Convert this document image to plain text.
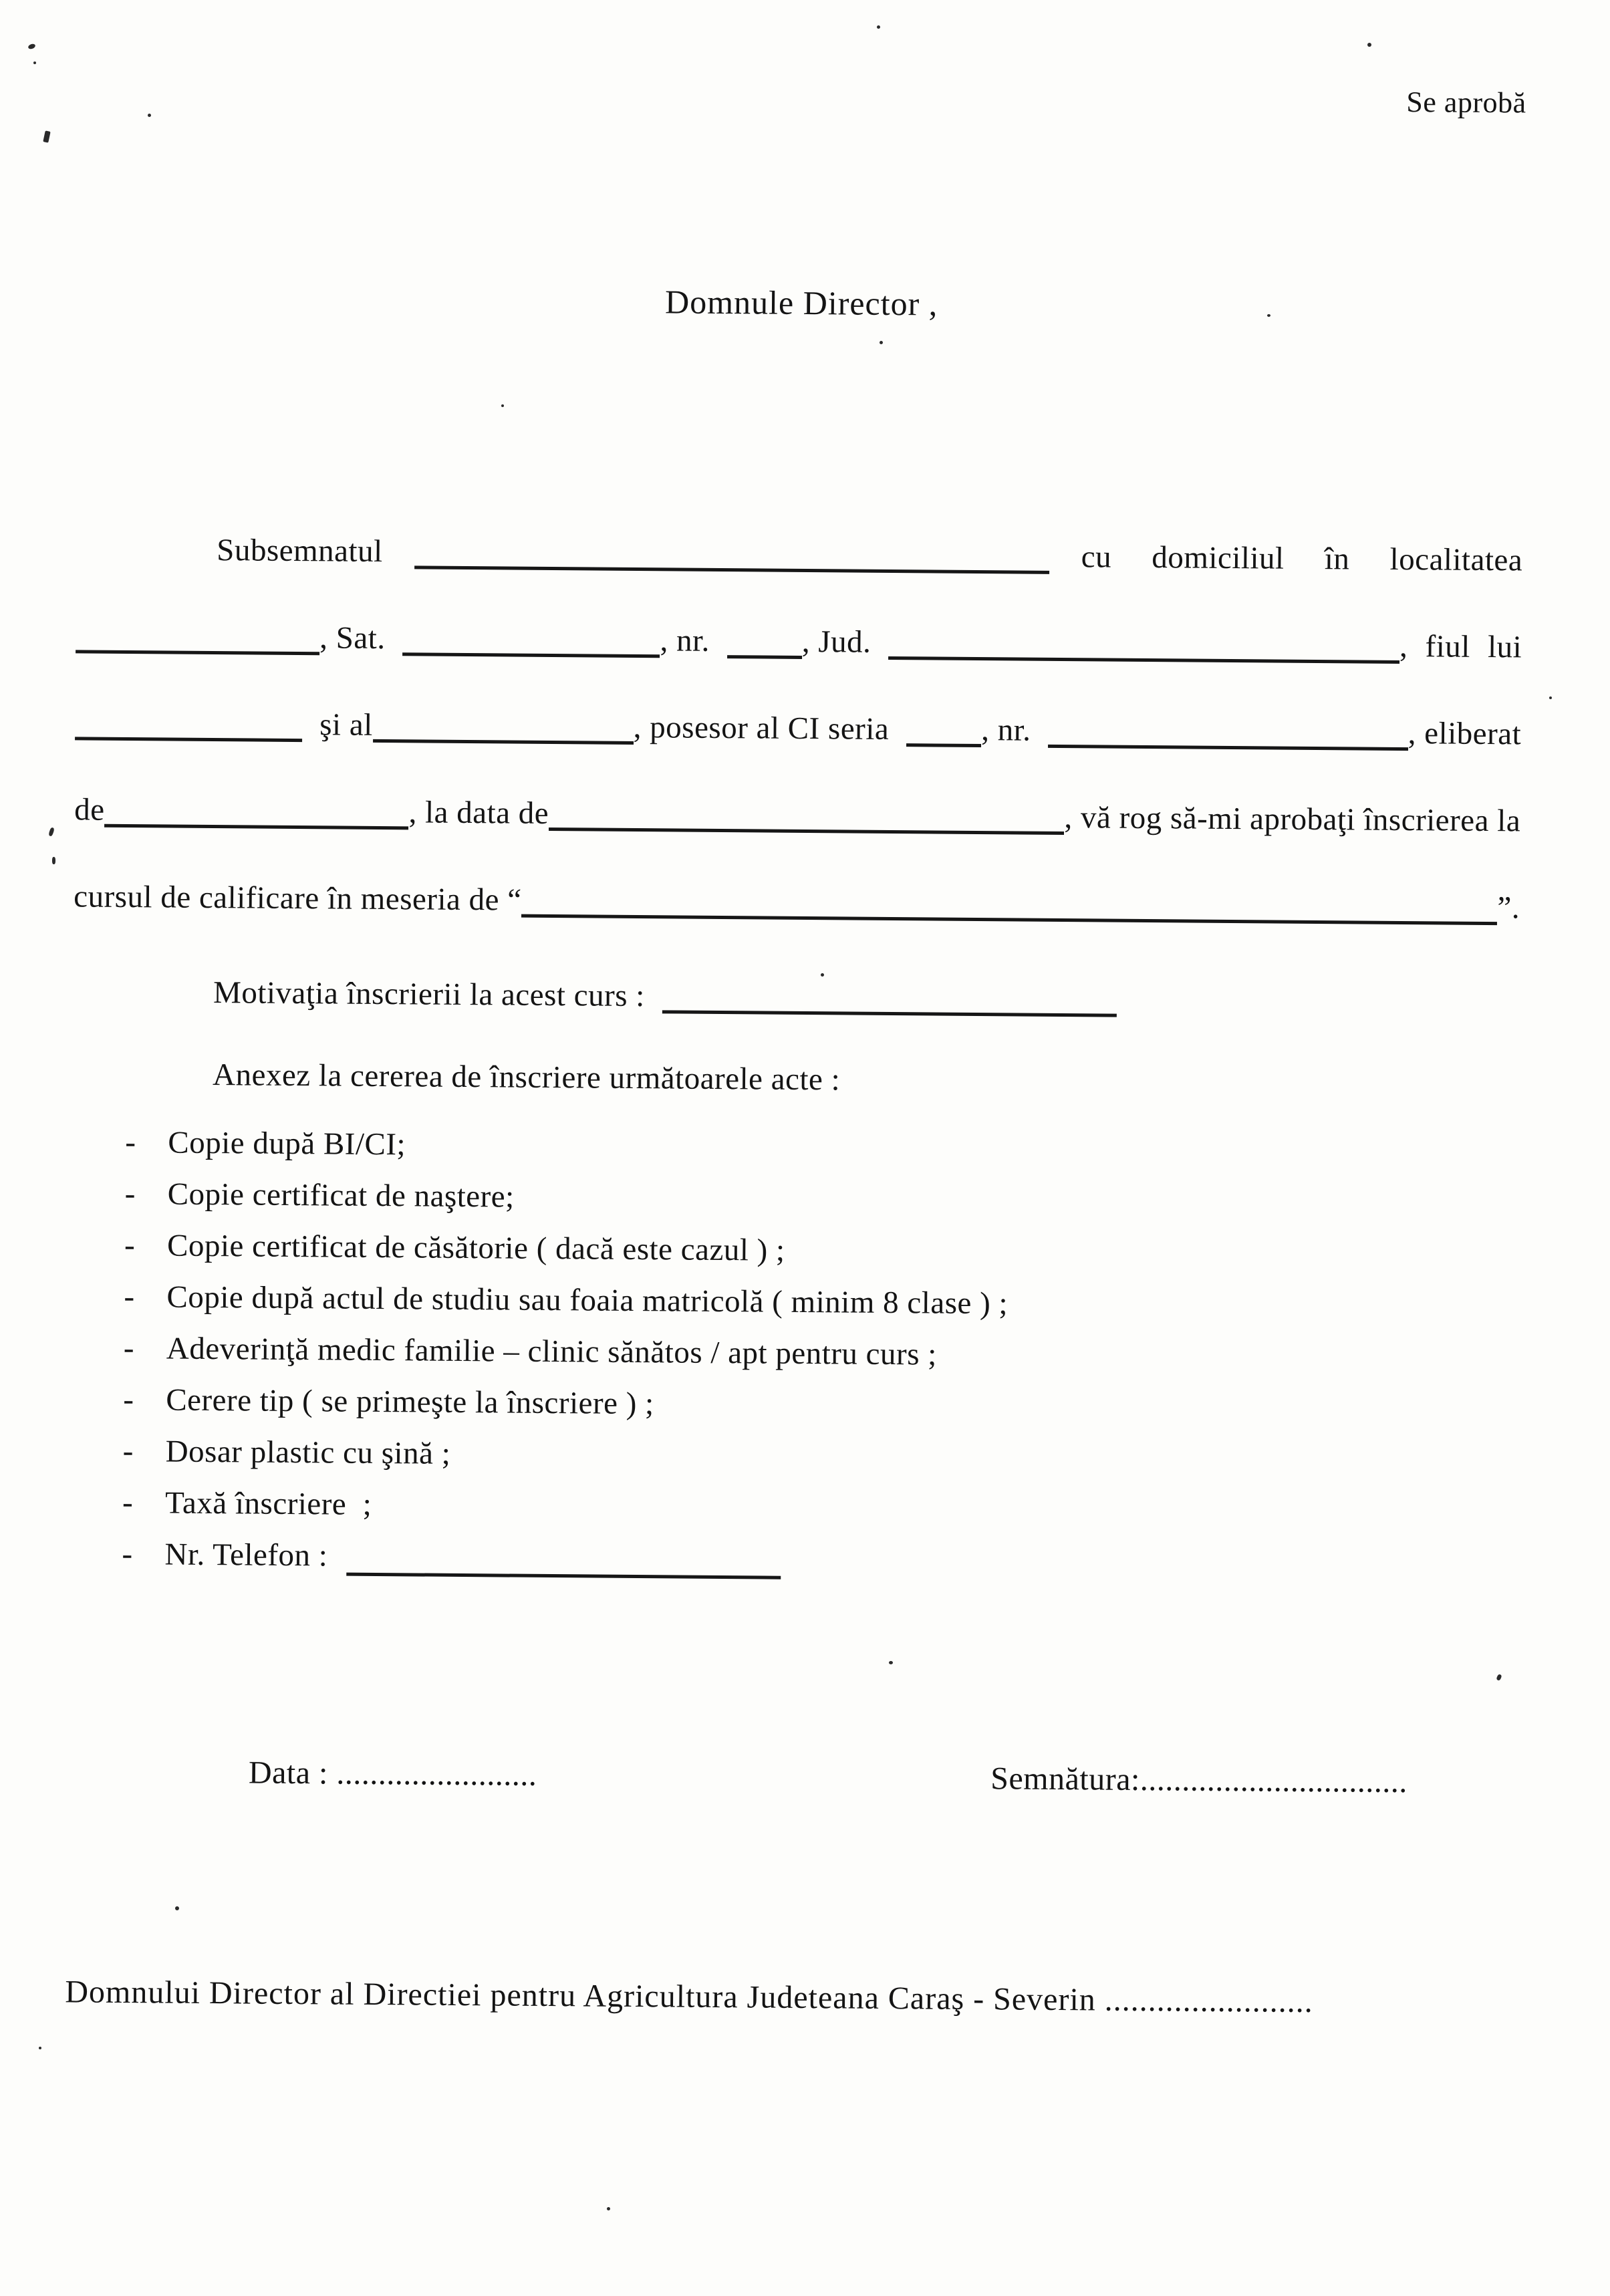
Se aprobă
Domnule Director ,
Subsemnatul	cu domiciliul în localitatea
, Sat.	, nr.	, Jud.	, fiul lui
şi al	, posesor al CI seria	, nr.	, eliberat
de	, la data de	, vă rog să-mi aprobaţi înscrierea la
cursul de calificare în meseria de “	”.
Motivaţia înscrierii la acest curs :
Anexez la cererea de înscriere următoarele acte :
-	Copie după BI/CI;
-	Copie certificat de naştere;
-	Copie certificat de căsătorie ( dacă este cazul ) ;
-	Copie după actul de studiu sau foaia matricolă ( minim 8 clase ) ;
-	Adeverinţă medic familie – clinic sănătos / apt pentru curs ;
-	Cerere tip ( se primeşte la înscriere ) ;
-	Dosar plastic cu şină ;
-	Taxă înscriere  ;
-	Nr. Telefon :
Data : ........................	Semnătura:................................
Domnului Director al Directiei pentru Agricultura Judeteana Caraş - Severin ........................
